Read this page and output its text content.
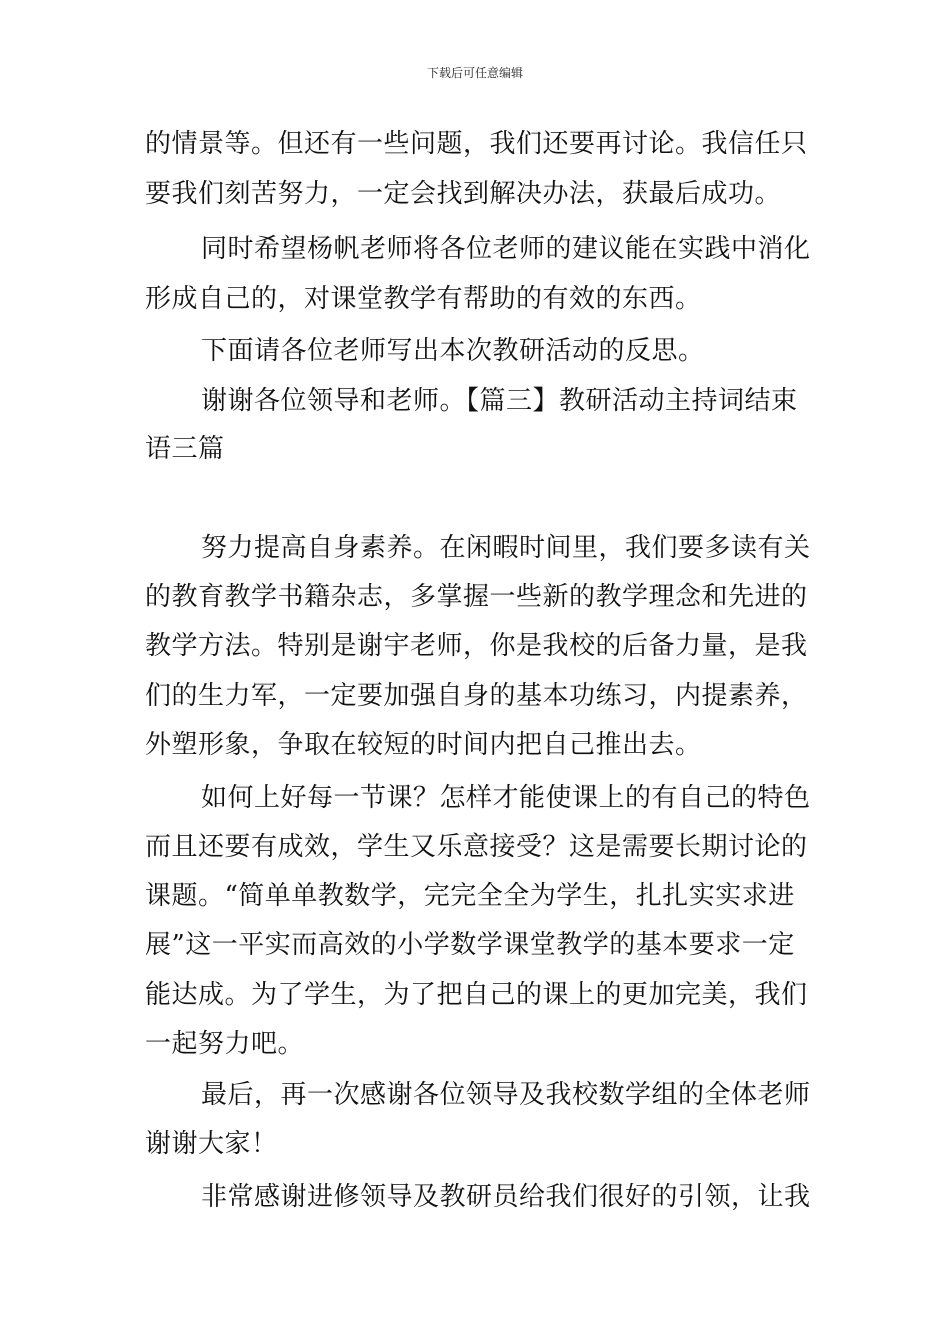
下载后可任意编辑
的情景等。但还有一些问题，我们还要再讨论。我信任只
要我们刻苦努力，一定会找到解决办法，获最后成功。
同时希望杨帆老师将各位老师的建议能在实践中消化
形成自己的，对课堂教学有帮助的有效的东西。
下面请各位老师写出本次教研活动的反思。
谢谢各位领导和老师。【篇三】教研活动主持词结束
语三篇
努力提高自身素养。在闲暇时间里，我们要多读有关
的教育教学书籍杂志，多掌握一些新的教学理念和先进的
教学方法。特别是谢宇老师，你是我校的后备力量，是我
们的生力军，一定要加强自身的基本功练习，内提素养，
外塑形象，争取在较短的时间内把自己推出去。
如何上好每一节课？怎样才能使课上的有自己的特色
而且还要有成效，学生又乐意接受？这是需要长期讨论的
课题。“简单单教数学，完完全全为学生，扎扎实实求进
展”这一平实而高效的小学数学课堂教学的基本要求一定
能达成。为了学生，为了把自己的课上的更加完美，我们
一起努力吧。
最后，再一次感谢各位领导及我校数学组的全体老师
谢谢大家！
非常感谢进修领导及教研员给我们很好的引领，让我
